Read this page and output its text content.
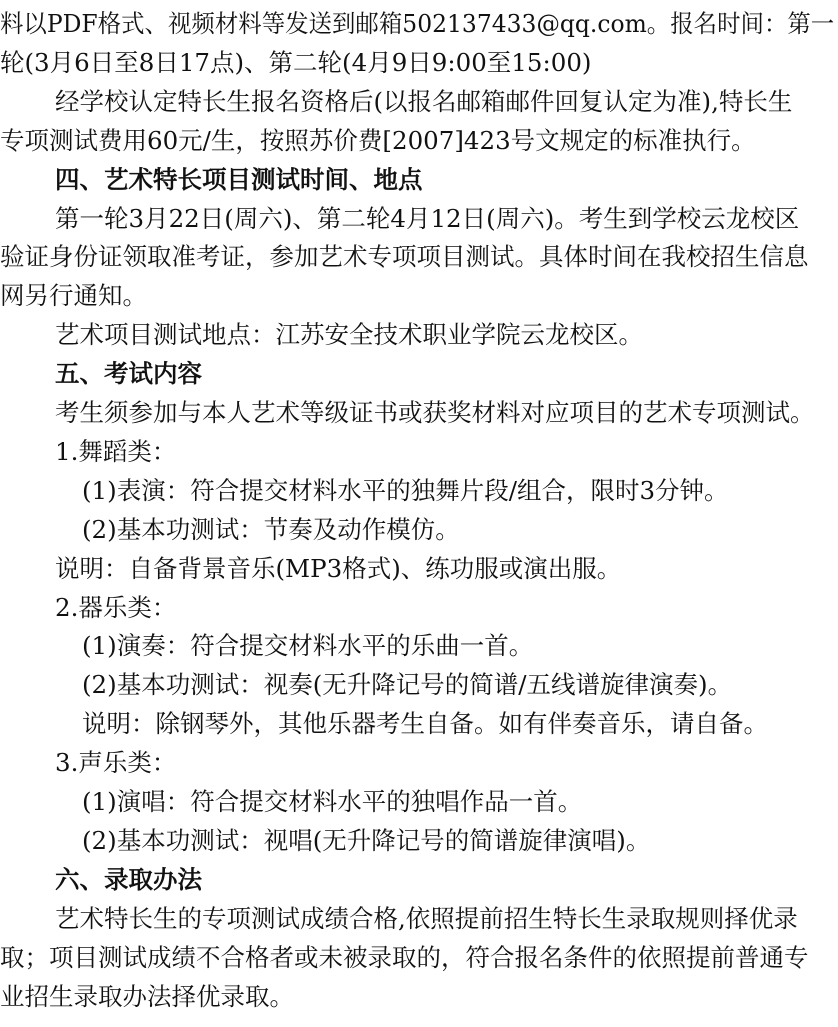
料以PDF格式、视频材料等发送到邮箱502137433@qq.com。报名时间：第一
轮(3月6日至8日17点)、第二轮(4月9日9:00至15:00)
经学校认定特长生报名资格后(以报名邮箱邮件回复认定为准),特长生
专项测试费用60元/生，按照苏价费[2007]423号文规定的标准执行。
四、艺术特长项目测试时间、地点
第一轮3月22日(周六)、第二轮4月12日(周六)。考生到学校云龙校区
验证身份证领取准考证，参加艺术专项项目测试。具体时间在我校招生信息
网另行通知。
艺术项目测试地点：江苏安全技术职业学院云龙校区。
五、考试内容
考生须参加与本人艺术等级证书或获奖材料对应项目的艺术专项测试。
1.舞蹈类：
(1)表演：符合提交材料水平的独舞片段/组合，限时3分钟。
(2)基本功测试：节奏及动作模仿。
说明：自备背景音乐(MP3格式)、练功服或演出服。
2.器乐类：
(1)演奏：符合提交材料水平的乐曲一首。
(2)基本功测试：视奏(无升降记号的简谱/五线谱旋律演奏)。
说明：除钢琴外，其他乐器考生自备。如有伴奏音乐，请自备。
3.声乐类：
(1)演唱：符合提交材料水平的独唱作品一首。
(2)基本功测试：视唱(无升降记号的简谱旋律演唱)。
六、录取办法
艺术特长生的专项测试成绩合格,依照提前招生特长生录取规则择优录
取；项目测试成绩不合格者或未被录取的，符合报名条件的依照提前普通专
业招生录取办法择优录取。
